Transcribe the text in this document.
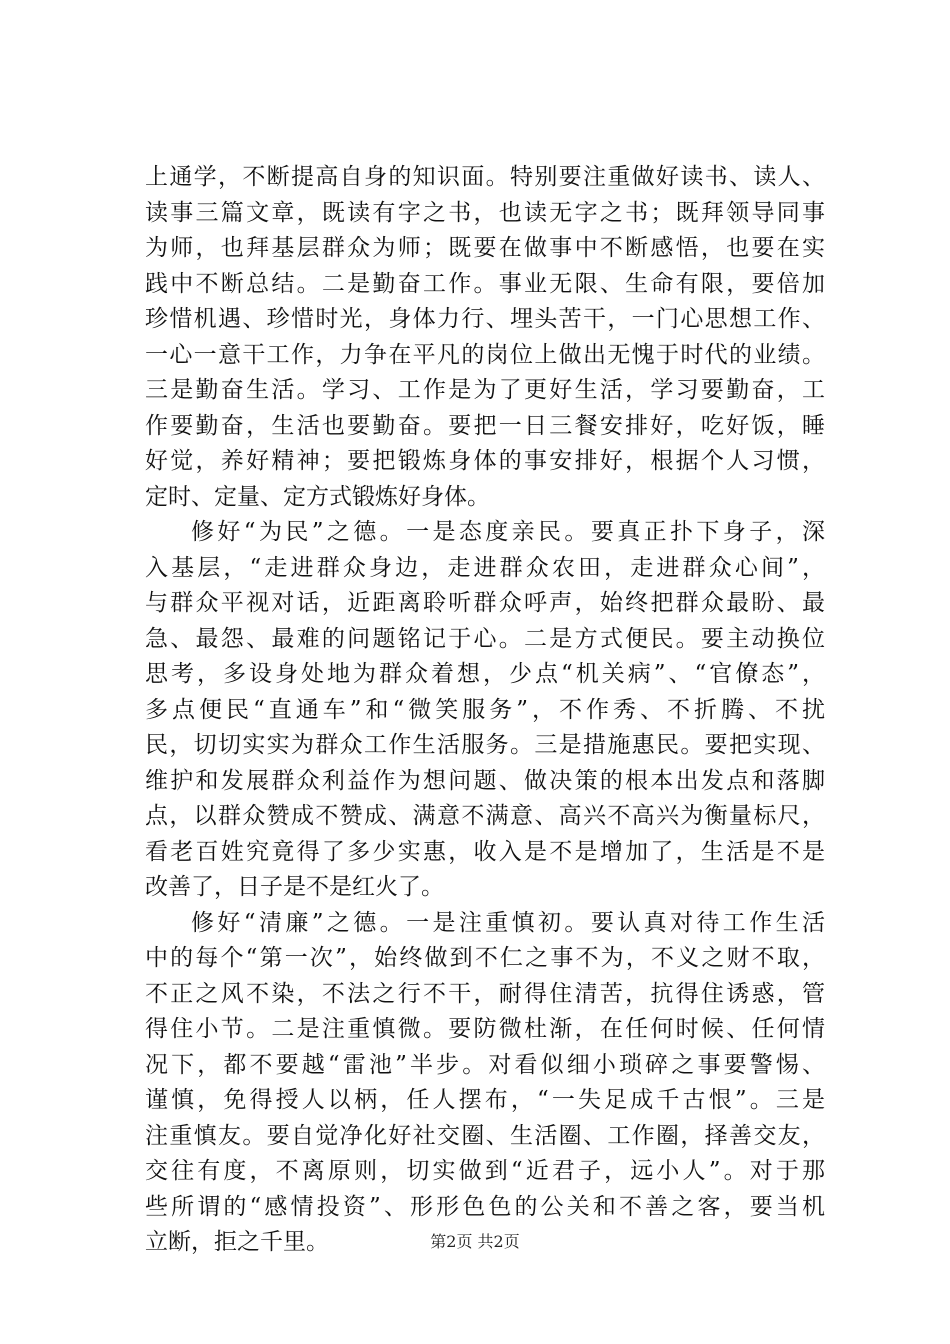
上通学，不断提高自身的知识面。特别要注重做好读书、读人、
读事三篇文章，既读有字之书，也读无字之书；既拜领导同事
为师，也拜基层群众为师；既要在做事中不断感悟，也要在实
践中不断总结。二是勤奋工作。事业无限、生命有限，要倍加
珍惜机遇、珍惜时光，身体力行、埋头苦干，一门心思想工作、
一心一意干工作，力争在平凡的岗位上做出无愧于时代的业绩。
三是勤奋生活。学习、工作是为了更好生活，学习要勤奋，工
作要勤奋，生活也要勤奋。要把一日三餐安排好，吃好饭，睡
好觉，养好精神；要把锻炼身体的事安排好，根据个人习惯，
定时、定量、定方式锻炼好身体。
修好“为民”之德。一是态度亲民。要真正扑下身子，深
入基层，“走进群众身边，走进群众农田，走进群众心间”，
与群众平视对话，近距离聆听群众呼声，始终把群众最盼、最
急、最怨、最难的问题铭记于心。二是方式便民。要主动换位
思考，多设身处地为群众着想，少点“机关病”、“官僚态”，
多点便民“直通车”和“微笑服务”，不作秀、不折腾、不扰
民，切切实实为群众工作生活服务。三是措施惠民。要把实现、
维护和发展群众利益作为想问题、做决策的根本出发点和落脚
点，以群众赞成不赞成、满意不满意、高兴不高兴为衡量标尺，
看老百姓究竟得了多少实惠，收入是不是增加了，生活是不是
改善了，日子是不是红火了。
修好“清廉”之德。一是注重慎初。要认真对待工作生活
中的每个“第一次”，始终做到不仁之事不为，不义之财不取，
不正之风不染，不法之行不干，耐得住清苦，抗得住诱惑，管
得住小节。二是注重慎微。要防微杜渐，在任何时候、任何情
况下，都不要越“雷池”半步。对看似细小琐碎之事要警惕、
谨慎，免得授人以柄，任人摆布，“一失足成千古恨”。三是
注重慎友。要自觉净化好社交圈、生活圈、工作圈，择善交友，
交往有度，不离原则，切实做到“近君子，远小人”。对于那
些所谓的“感情投资”、形形色色的公关和不善之客，要当机
立断，拒之千里。	第2页 共2页
